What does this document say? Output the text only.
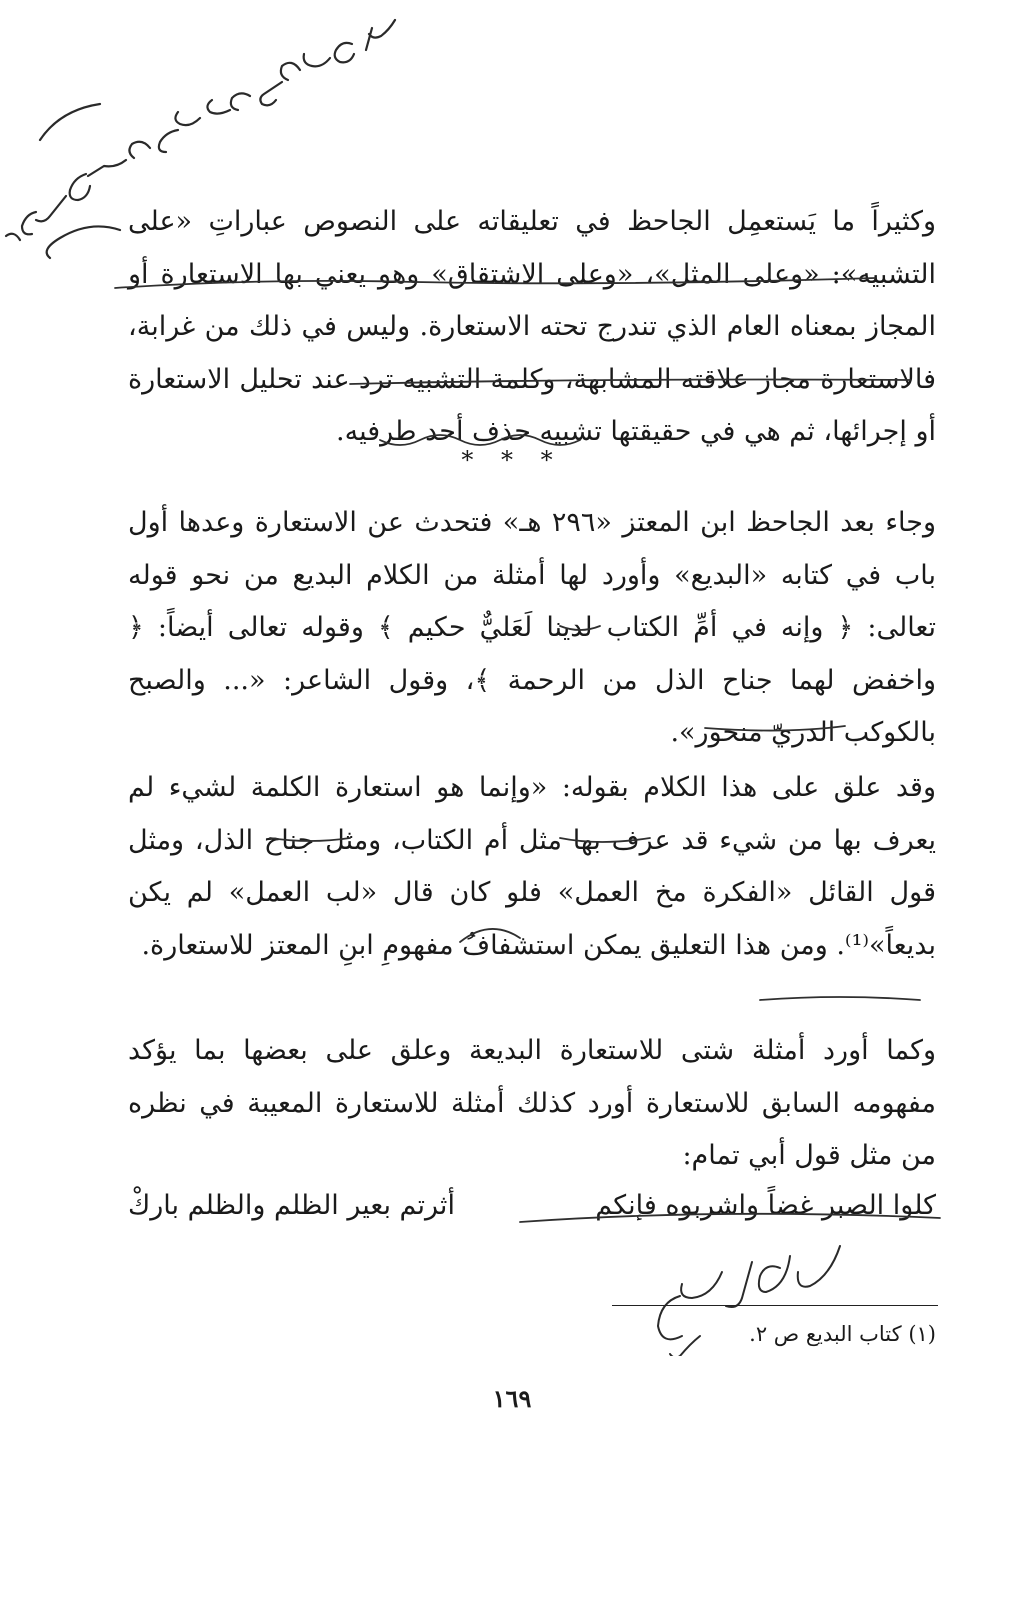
وكثيراً ما يَستعمِل الجاحظ في تعليقاته على النصوص عباراتِ «على التشبيه»: «وعلى المثل»، «وعلى الاشتقاق» وهو يعني بها الاستعارة أو المجاز بمعناه العام الذي تندرج تحته الاستعارة. وليس في ذلك من غرابة، فالاستعارة مجاز علاقته المشابهة، وكلمة التشبيه ترد عند تحليل الاستعارة أو إجرائها، ثم هي في حقيقتها تشبيه حذف أحد طرفيه.

* * *

وجاء بعد الجاحظ ابن المعتز «٢٩٦ هـ» فتحدث عن الاستعارة وعدها أول باب في كتابه «البديع» وأورد لها أمثلة من الكلام البديع من نحو قوله تعالى: ﴿ وإنه في أمِّ الكتاب لدينا لَعَليٌّ حكيم ﴾ وقوله تعالى أيضاً: ﴿ واخفض لهما جناح الذل من الرحمة ﴾، وقول الشاعر: «... والصبح بالكوكب الدريّ منحور».

وقد علق على هذا الكلام بقوله: «وإنما هو استعارة الكلمة لشيء لم يعرف بها من شيء قد عرف بها مثل أم الكتاب، ومثل جناح الذل، ومثل قول القائل «الفكرة مخ العمل» فلو كان قال «لب العمل» لم يكن بديعاً»⁽¹⁾. ومن هذا التعليق يمكن استشفافُ مفهومِ ابنِ المعتز للاستعارة.

وكما أورد أمثلة شتى للاستعارة البديعة وعلق على بعضها بما يؤكد مفهومه السابق للاستعارة أورد كذلك أمثلة للاستعارة المعيبة في نظره من مثل قول أبي تمام:

كلوا الصبر غضاً واشربوه فإنكم
أثرتم بعير الظلم والظلم باركْ
(١) كتاب البديع ص ٢.
١٦٩
